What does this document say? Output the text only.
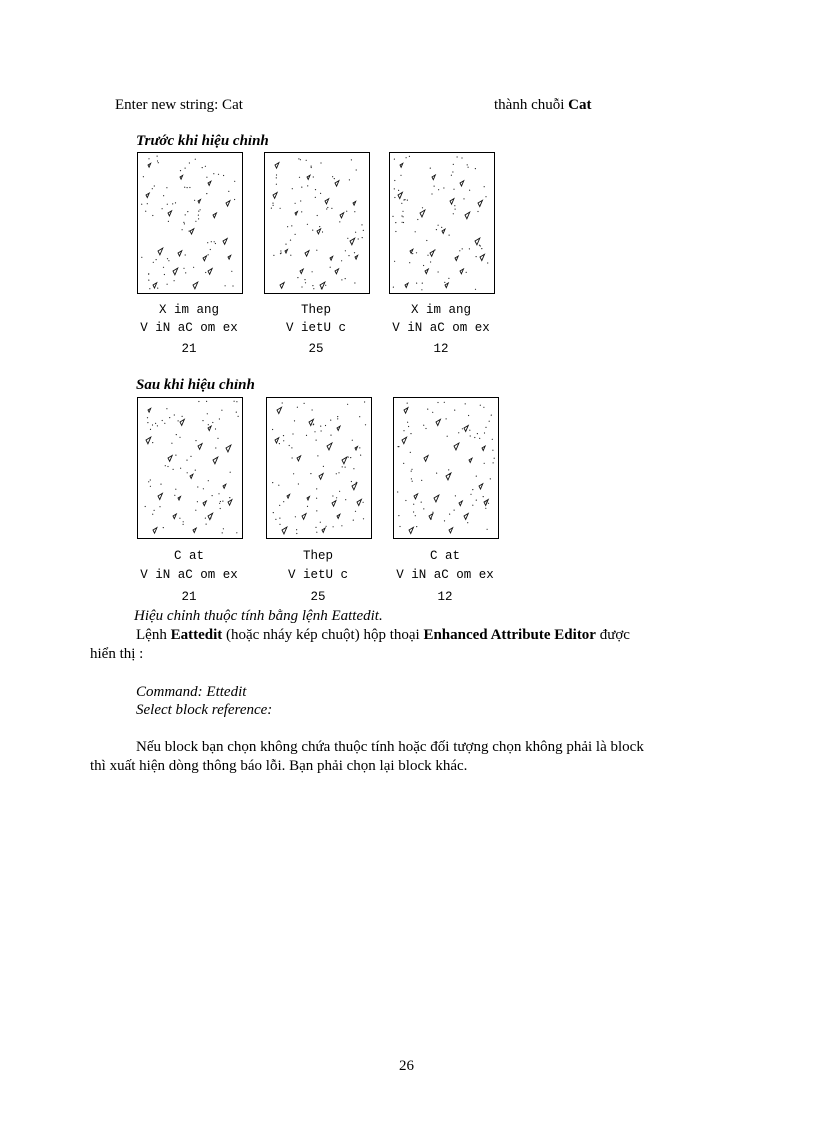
Enter new string: Cat	thành chuỗi Cat
Trước khi hiệu chỉnh
X im ang
V iN aC om ex
21
Thep
V ietU c
25
X im ang
V iN aC om ex
12
Sau khi hiệu chỉnh
C at
V iN aC om ex
21
Thep
V ietU c
25
C at
V iN aC om ex
12
Hiệu chỉnh thuộc tính bằng lệnh Eattedit.
Lệnh Eattedit (hoặc nháy kép chuột) hộp thoại Enhanced Attribute Editor được
hiển thị :
Command: Ettedit
Select block reference:
Nếu block bạn chọn không chứa thuộc tính hoặc đối tượng chọn không phải là block
thì xuất hiện dòng thông báo lỗi. Bạn phải chọn lại block khác.
26
